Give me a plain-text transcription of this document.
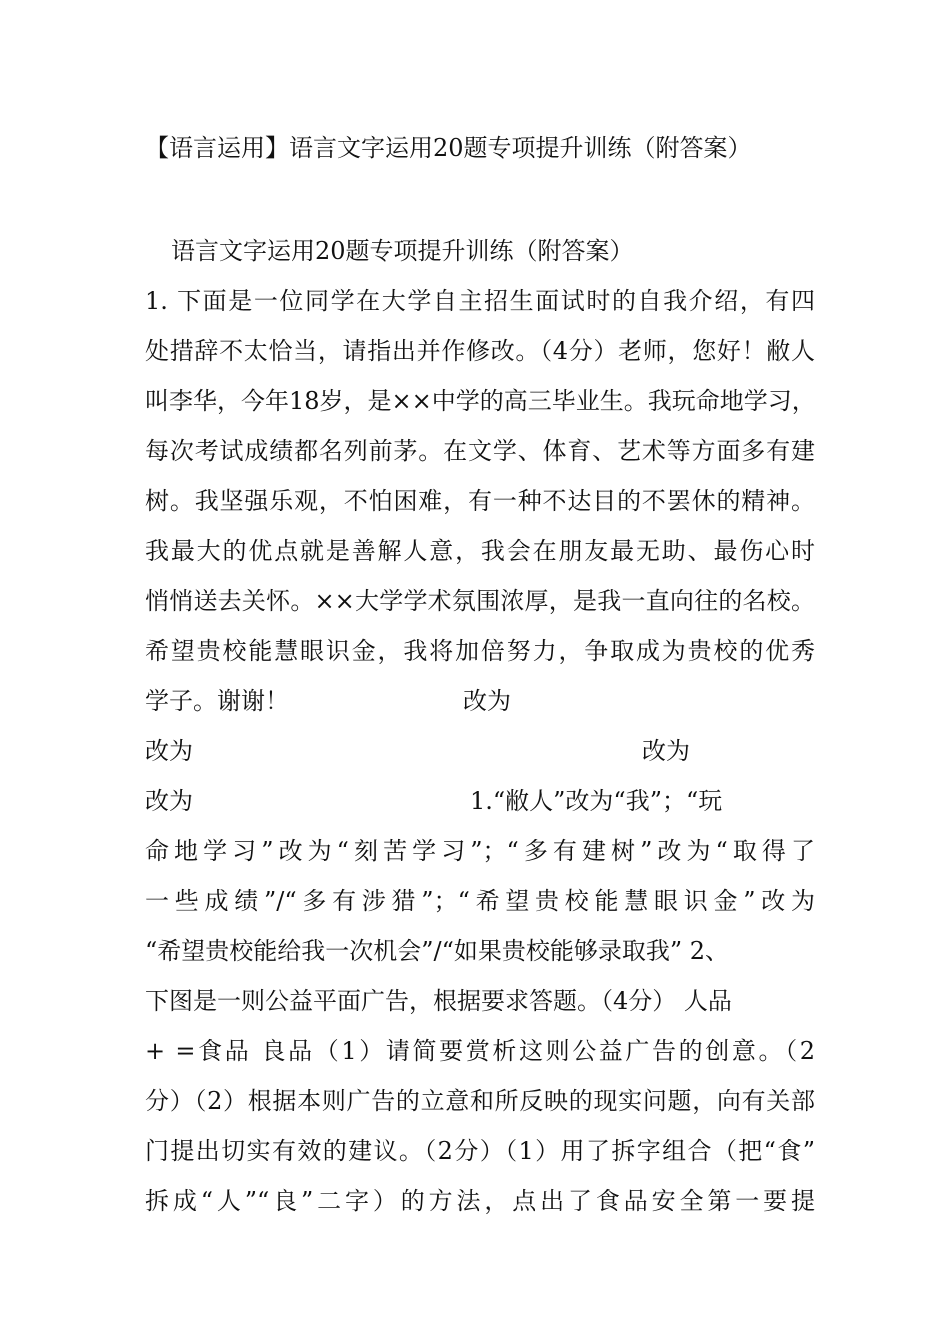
【语言运用】语言文字运用20题专项提升训练（附答案）
语言文字运用20题专项提升训练（附答案）
1. 下面是一位同学在大学自主招生面试时的自我介绍，有四
处措辞不太恰当，请指出并作修改。（4分）老师，您好！敝人
叫李华，今年18岁，是××中学的高三毕业生。我玩命地学习，
每次考试成绩都名列前茅。在文学、体育、艺术等方面多有建
树。我坚强乐观，不怕困难，有一种不达目的不罢休的精神。
我最大的优点就是善解人意，我会在朋友最无助、最伤心时
悄悄送去关怀。××大学学术氛围浓厚，是我一直向往的名校。
希望贵校能慧眼识金，我将加倍努力，争取成为贵校的优秀
学子。谢谢！	改为
改为	改为
改为	1.“敝人”改为“我”；“玩
命地学习”改为“刻苦学习”；“多有建树”改为“取得了
一些成绩”/“多有涉猎”；“希望贵校能慧眼识金”改为
“希望贵校能给我一次机会”/“如果贵校能够录取我” 2、
下图是一则公益平面广告，根据要求答题。（4分） 人品
+ =食品 良品（1）请简要赏析这则公益广告的创意。（2
分）（2）根据本则广告的立意和所反映的现实问题，向有关部
门提出切实有效的建议。（2分）（1）用了拆字组合（把“食”
拆成“人”“良”二字）的方法，点出了食品安全第一要提
